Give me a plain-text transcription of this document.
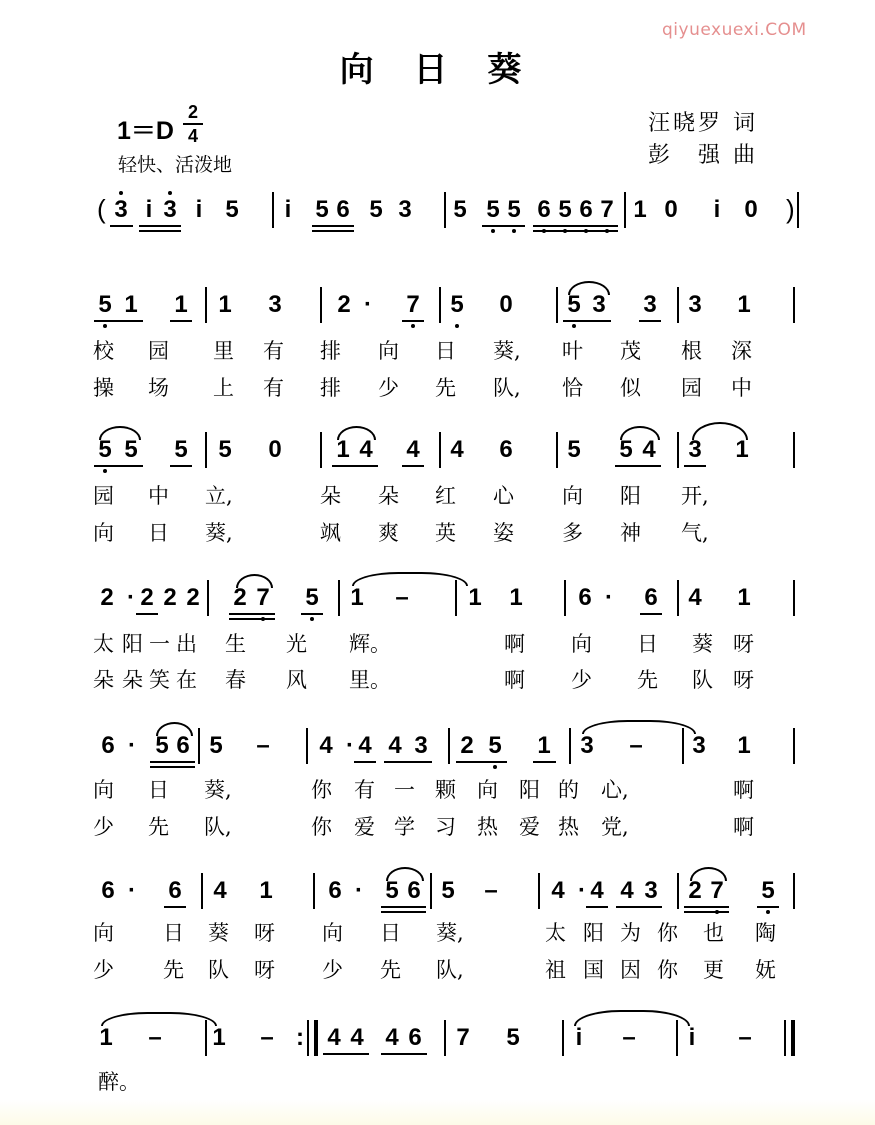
qiyuexuexi.COM
向 日 葵
1＝D
2
4
轻快、活泼地
汪晓罗 词
彭　强 曲
( 3 i 3 i 5	i 5 6 5 3 5 5 5 6 5 6 7 1 0	i 0 )
5 1 1 1 3 2 ·	7 5 0 5 3 3 3 1
校 园 里 有 排 向 日 葵, 叶 茂 根 深
操 场 上 有 排 少 先 队, 恰 似 园 中
5 5 5 5 0 1 4 4 4 6 5 5 4 3 1
园 中 立,	朵 朵 红 心 向 阳 开,
向 日 葵,	飒 爽 英 姿 多 神 气,
2 · 2 2 2 2 7 5 1 – 1 1 6 ·	6 4 1
太 阳 一 出 生 光 辉。	啊 向 日 葵 呀
朵 朵 笑 在 春 风 里。	啊 少 先 队 呀
6 · 5 6 5 – 4 · 4 4 3 2 5 1 3 – 3 1
向 日 葵,	你 有 一 颗 向 阳 的 心,	啊
少 先 队,	你 爱 学 习 热 爱 热 党,	啊
6 ·	6 4 1 6 · 5 6 5 – 4 · 4 4 3 2 7 5
向 日 葵 呀 向 日 葵,	太 阳 为 你 也 陶
少 先 队 呀 少 先 队,	祖 国 因 你 更 妩
1 – 1 – : 4 4 4 6 7 5	i	–	i	–
醉。
